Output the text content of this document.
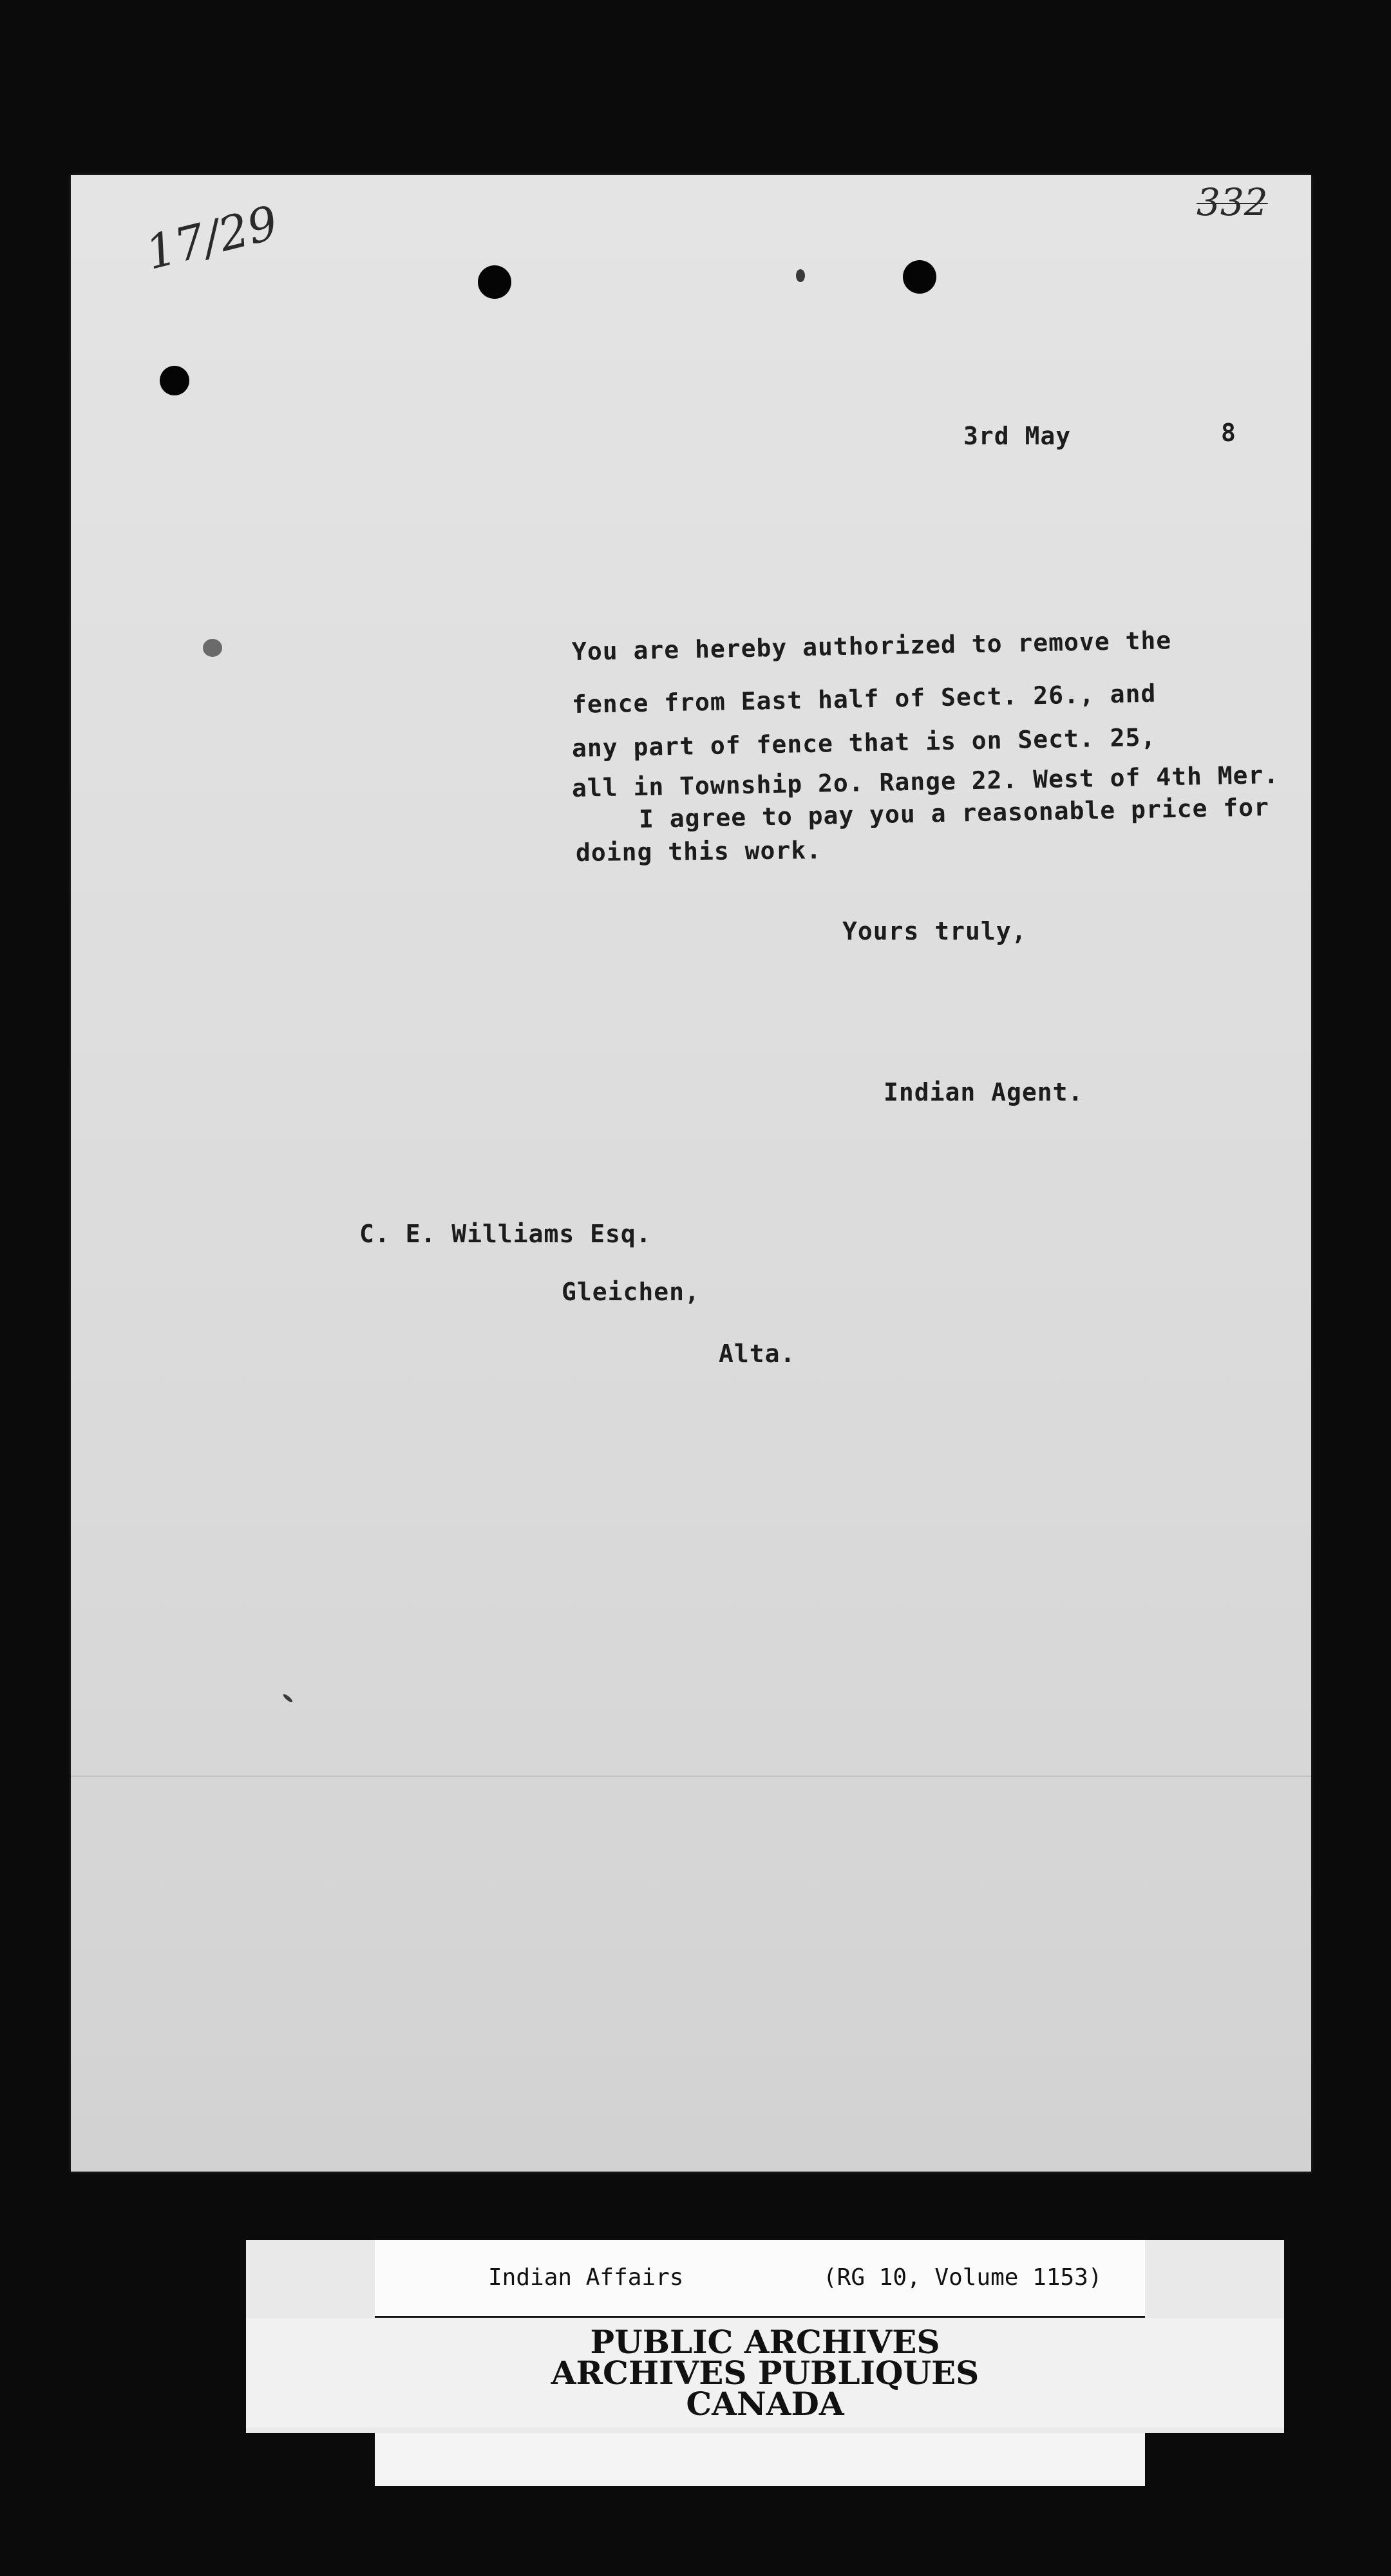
332
17/29
3rd May	8
You are hereby authorized to remove the
fence from East half of Sect. 26., and
any part of fence that is on Sect. 25,
all in Township 2o. Range 22. West of 4th Mer.
I agree to pay you a reasonable price for
doing this work.
Yours truly,
Indian Agent.
C. E. Williams Esq.
Gleichen,
Alta.
Indian Affairs	(RG 10, Volume 1153)
PUBLIC ARCHIVES
ARCHIVES PUBLIQUES
CANADA
